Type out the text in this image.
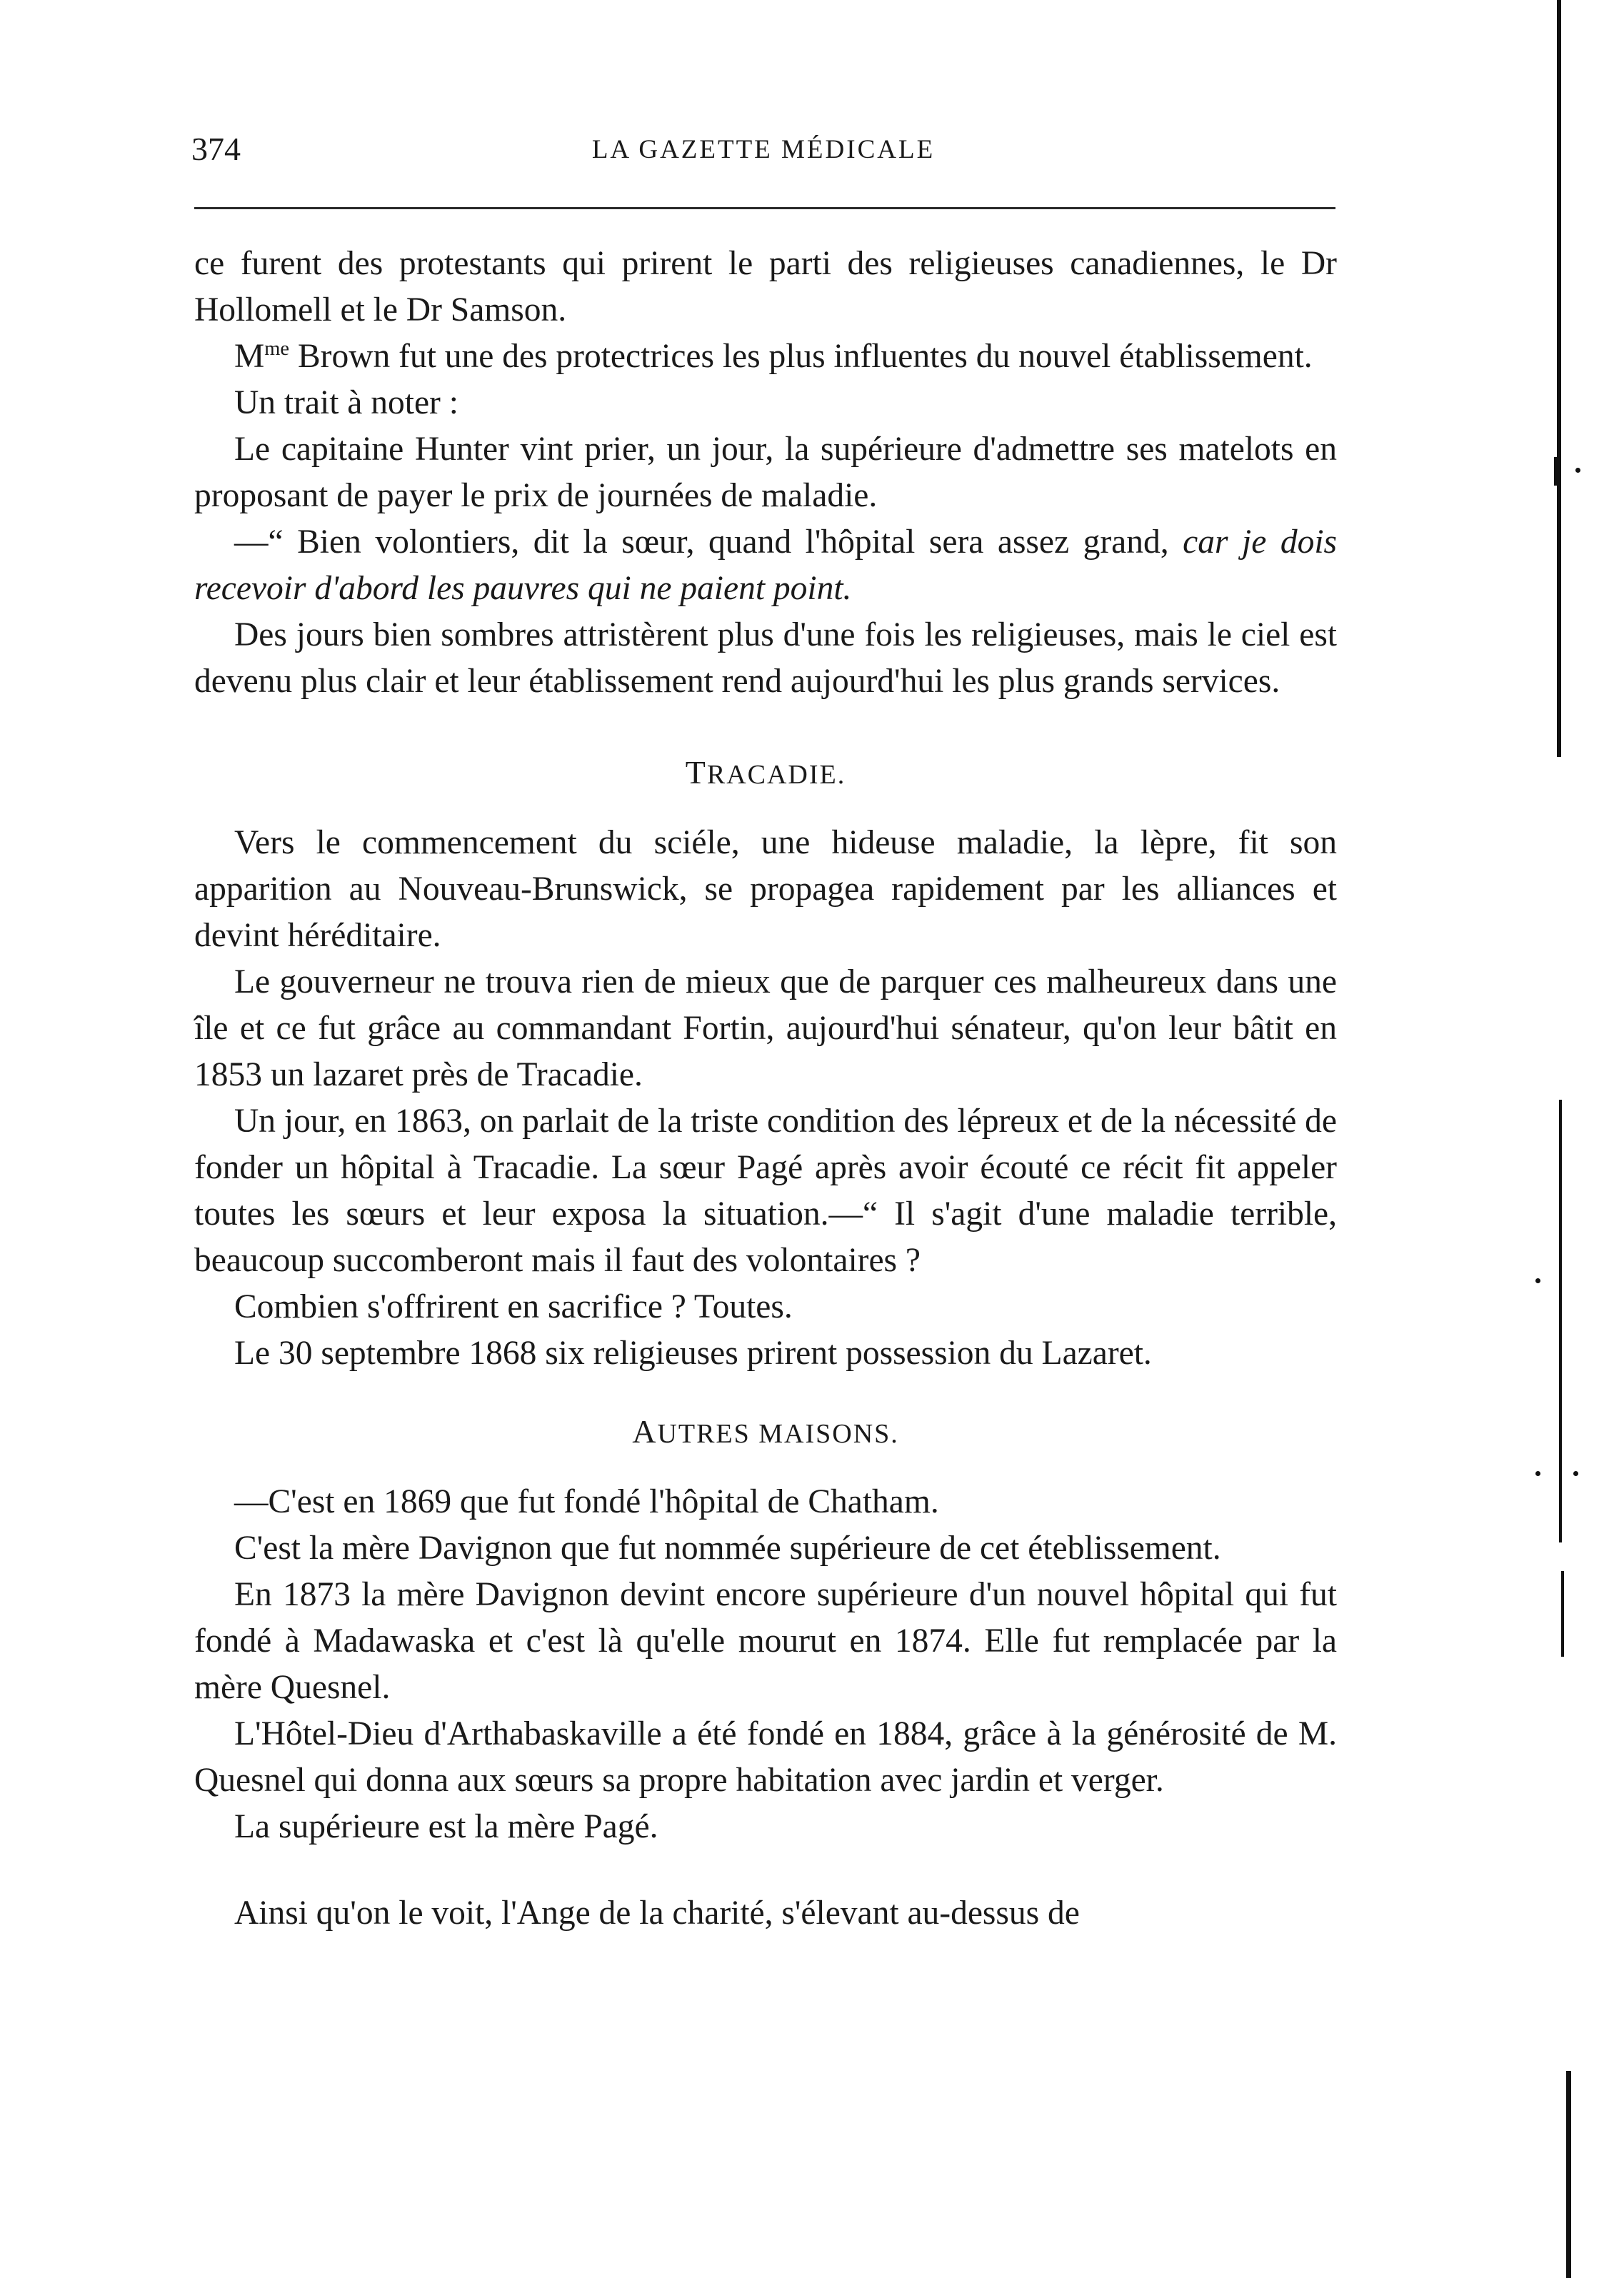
374	LA GAZETTE MÉDICALE

ce furent des protestants qui prirent le parti des religieuses canadiennes, le Dr Hollomell et le Dr Samson.

$M^{me}$ Brown fut une des protectrices les plus influentes du nouvel établissement.

Un trait à noter :

Le capitaine Hunter vint prier, un jour, la supérieure d'admettre ses matelots en proposant de payer le prix de journées de maladie.

—“ Bien volontiers, dit la sœur, quand l'hôpital sera assez grand, car je dois recevoir d'abord les pauvres qui ne paient point.

Des jours bien sombres attristèrent plus d'une fois les religieuses, mais le ciel est devenu plus clair et leur établissement rend aujourd'hui les plus grands services.

TRACADIE.

Vers le commencement du sciéle, une hideuse maladie, la lèpre, fit son apparition au Nouveau-Brunswick, se propagea rapidement par les alliances et devint héréditaire.

Le gouverneur ne trouva rien de mieux que de parquer ces malheureux dans une île et ce fut grâce au commandant Fortin, aujourd'hui sénateur, qu'on leur bâtit en 1853 un lazaret près de Tracadie.

Un jour, en 1863, on parlait de la triste condition des lépreux et de la nécessité de fonder un hôpital à Tracadie. La sœur Pagé après avoir écouté ce récit fit appeler toutes les sœurs et leur exposa la situation.—“ Il s'agit d'une maladie terrible, beaucoup succomberont mais il faut des volontaires ?

Combien s'offrirent en sacrifice ? Toutes.

Le 30 septembre 1868 six religieuses prirent possession du Lazaret.

AUTRES MAISONS.

—C'est en 1869 que fut fondé l'hôpital de Chatham.

C'est la mère Davignon que fut nommée supérieure de cet éteblissement.

En 1873 la mère Davignon devint encore supérieure d'un nouvel hôpital qui fut fondé à Madawaska et c'est là qu'elle mourut en 1874. Elle fut remplacée par la mère Quesnel.

L'Hôtel-Dieu d'Arthabaskaville a été fondé en 1884, grâce à la générosité de M. Quesnel qui donna aux sœurs sa propre habitation avec jardin et verger.

La supérieure est la mère Pagé.

Ainsi qu'on le voit, l'Ange de la charité, s'élevant au-dessus de
